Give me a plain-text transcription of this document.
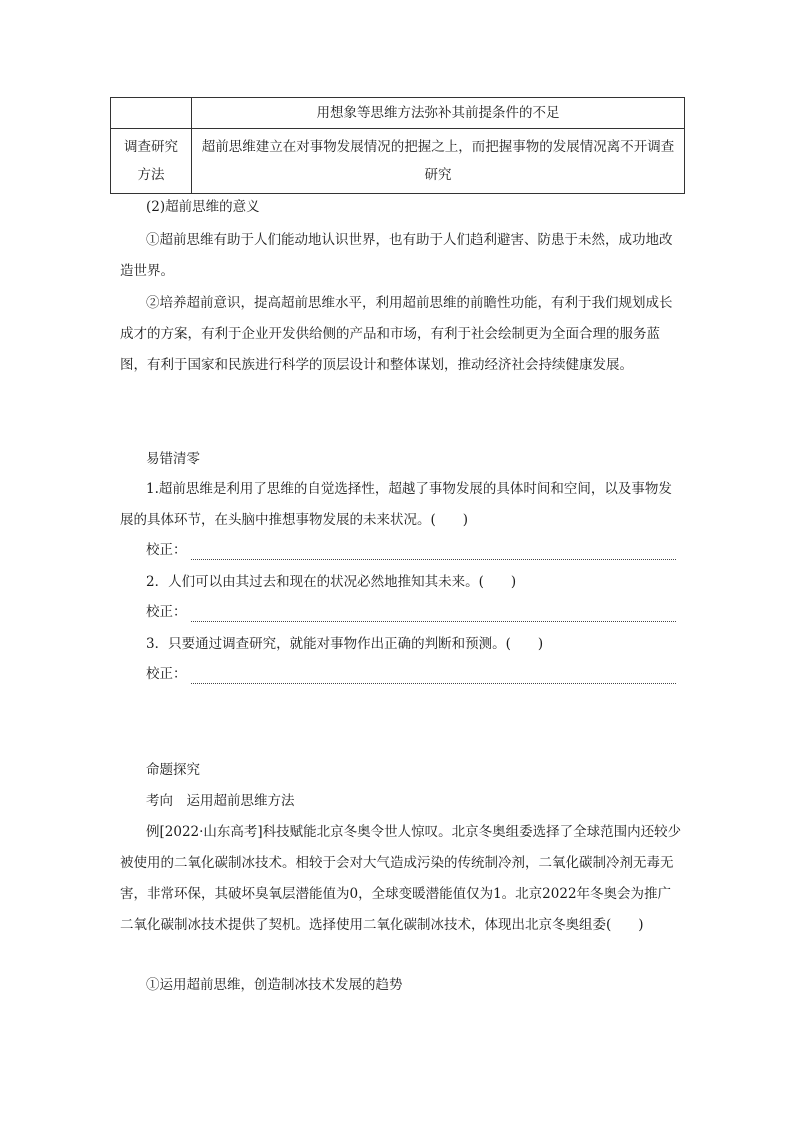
	用想象等思维方法弥补其前提条件的不足
调查研究方法	超前思维建立在对事物发展情况的把握之上，而把握事物的发展情况离不开调查研究
(2)超前思维的意义
①超前思维有助于人们能动地认识世界，也有助于人们趋利避害、防患于未然，成功地改造世界。
②培养超前意识，提高超前思维水平，利用超前思维的前瞻性功能，有利于我们规划成长成才的方案，有利于企业开发供给侧的产品和市场，有利于社会绘制更为全面合理的服务蓝图，有利于国家和民族进行科学的顶层设计和整体谋划，推动经济社会持续健康发展。
易错清零
1.超前思维是利用了思维的自觉选择性，超越了事物发展的具体时间和空间，以及事物发展的具体环节，在头脑中推想事物发展的未来状况。(　　)
校正：
2．人们可以由其过去和现在的状况必然地推知其未来。(　　)
校正：
3．只要通过调查研究，就能对事物作出正确的判断和预测。(　　)
校正：
命题探究
考向　运用超前思维方法
例[2022·山东高考]科技赋能北京冬奥令世人惊叹。北京冬奥组委选择了全球范围内还较少被使用的二氧化碳制冰技术。相较于会对大气造成污染的传统制冷剂，二氧化碳制冷剂无毒无害，非常环保，其破坏臭氧层潜能值为0，全球变暖潜能值仅为1。北京2022年冬奥会为推广二氧化碳制冰技术提供了契机。选择使用二氧化碳制冰技术，体现出北京冬奥组委(　　)
①运用超前思维，创造制冰技术发展的趋势
